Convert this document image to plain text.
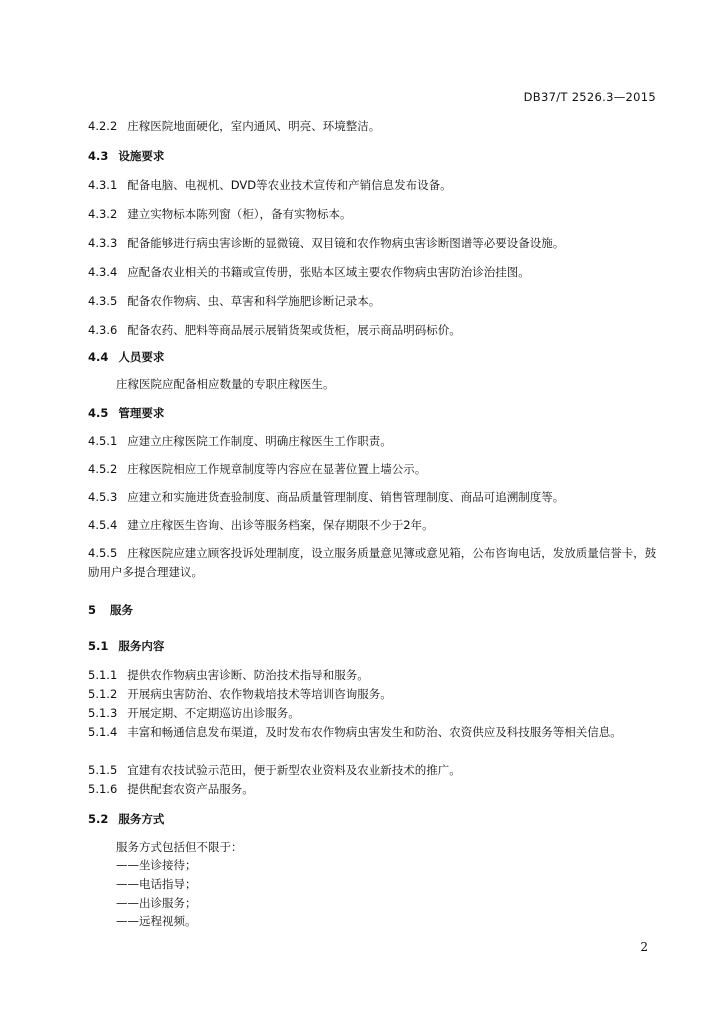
DB37/T 2526.3—2015
4.2.2 庄稼医院地面硬化，室内通风、明亮、环境整洁。
4.3 设施要求
4.3.1 配备电脑、电视机、DVD等农业技术宣传和产销信息发布设备。
4.3.2 建立实物标本陈列窗（柜），备有实物标本。
4.3.3 配备能够进行病虫害诊断的显微镜、双目镜和农作物病虫害诊断图谱等必要设备设施。
4.3.4 应配备农业相关的书籍或宣传册，张贴本区域主要农作物病虫害防治诊治挂图。
4.3.5 配备农作物病、虫、草害和科学施肥诊断记录本。
4.3.6 配备农药、肥料等商品展示展销货架或货柜，展示商品明码标价。
4.4 人员要求
庄稼医院应配备相应数量的专职庄稼医生。
4.5 管理要求
4.5.1 应建立庄稼医院工作制度、明确庄稼医生工作职责。
4.5.2 庄稼医院相应工作规章制度等内容应在显著位置上墙公示。
4.5.3 应建立和实施进货查验制度、商品质量管理制度、销售管理制度、商品可追溯制度等。
4.5.4 建立庄稼医生咨询、出诊等服务档案，保存期限不少于2年。
4.5.5 庄稼医院应建立顾客投诉处理制度，设立服务质量意见簿或意见箱，公布咨询电话，发放质量信誉卡，鼓励用户多提合理建议。
5 服务
5.1 服务内容
5.1.1 提供农作物病虫害诊断、防治技术指导和服务。
5.1.2 开展病虫害防治、农作物栽培技术等培训咨询服务。
5.1.3 开展定期、不定期巡访出诊服务。
5.1.4 丰富和畅通信息发布渠道，及时发布农作物病虫害发生和防治、农资供应及科技服务等相关信息。
5.1.5 宜建有农技试验示范田，便于新型农业资料及农业新技术的推广。
5.1.6 提供配套农资产品服务。
5.2 服务方式
服务方式包括但不限于：
——坐诊接待；
——电话指导；
——出诊服务；
——远程视频。
2
